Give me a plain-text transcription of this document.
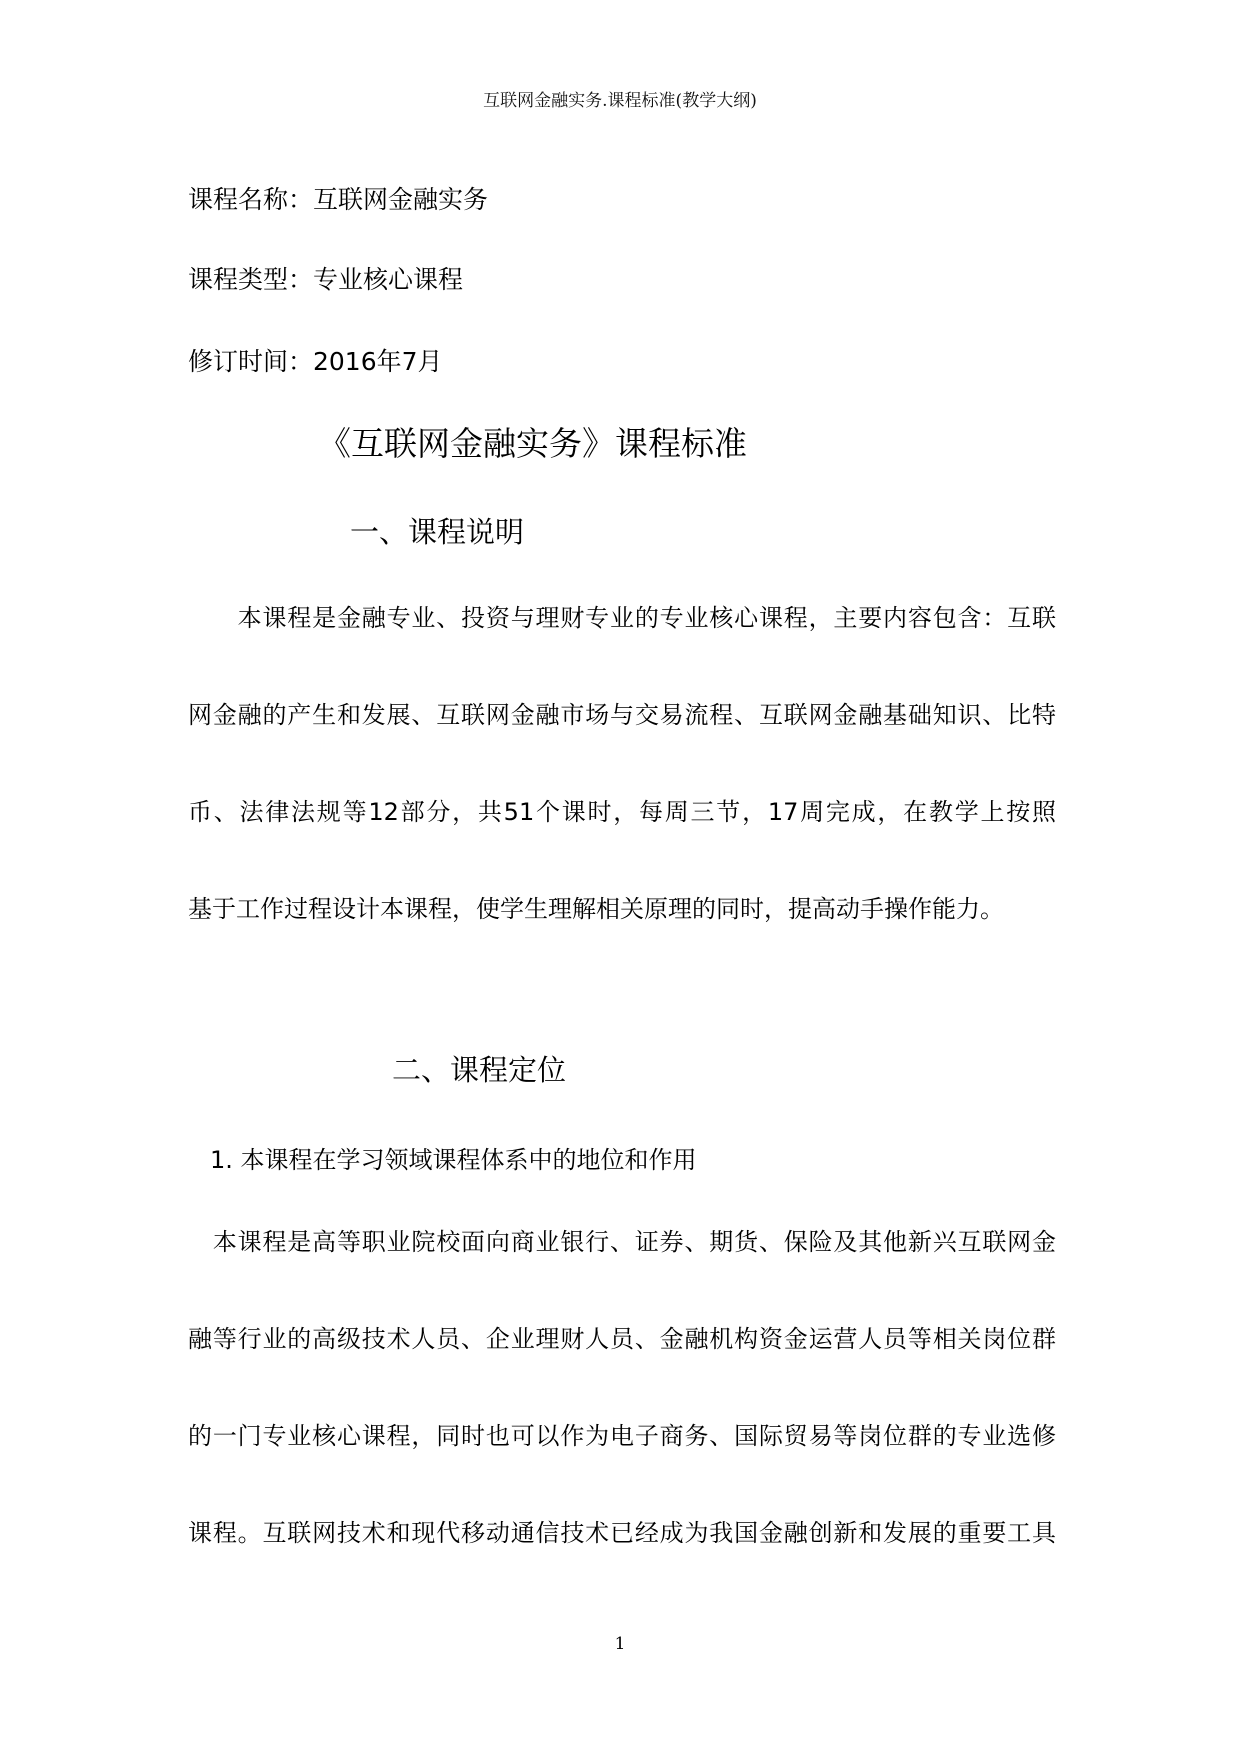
互联网金融实务.课程标准(教学大纲)
课程名称：互联网金融实务
课程类型：专业核心课程
修订时间：2016年7月
《互联网金融实务》课程标准
一、课程说明
　　本课程是金融专业、投资与理财专业的专业核心课程，主要内容包含：互联
网金融的产生和发展、互联网金融市场与交易流程、互联网金融基础知识、比特
币、法律法规等12部分，共51个课时，每周三节，17周完成，在教学上按照
基于工作过程设计本课程，使学生理解相关原理的同时，提高动手操作能力。
二、课程定位
1. 本课程在学习领域课程体系中的地位和作用
　本课程是高等职业院校面向商业银行、证券、期货、保险及其他新兴互联网金
融等行业的高级技术人员、企业理财人员、金融机构资金运营人员等相关岗位群
的一门专业核心课程，同时也可以作为电子商务、国际贸易等岗位群的专业选修
课程。互联网技术和现代移动通信技术已经成为我国金融创新和发展的重要工具
1
